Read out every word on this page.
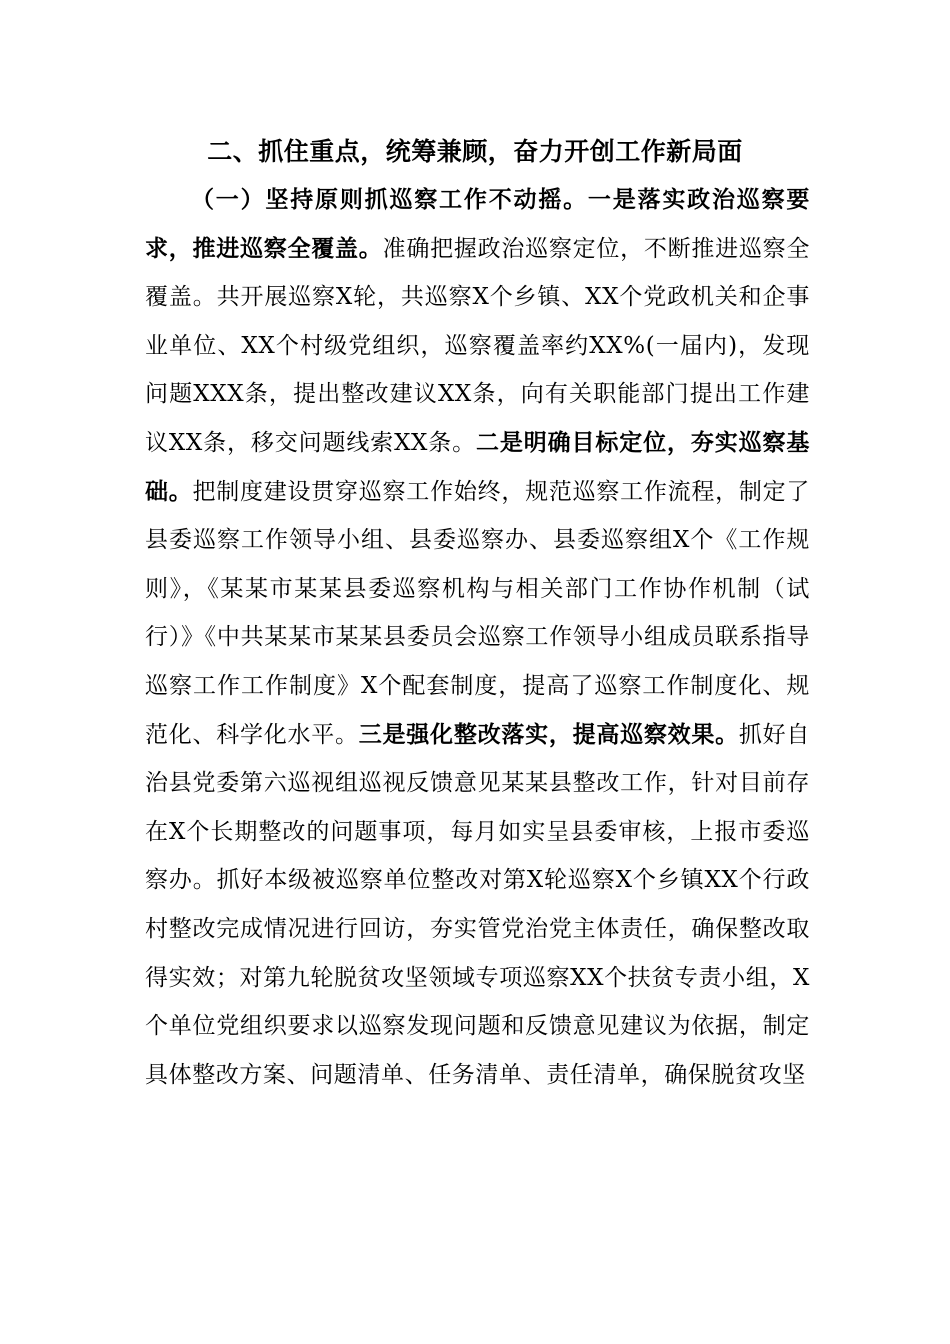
二、抓住重点，统筹兼顾，奋力开创工作新局面

（一）坚持原则抓巡察工作不动摇。一是落实政治巡察要求，推进巡察全覆盖。准确把握政治巡察定位，不断推进巡察全覆盖。共开展巡察X轮，共巡察X个乡镇、XX个党政机关和企事业单位、XX个村级党组织，巡察覆盖率约XX%(一届内)，发现问题XXX条，提出整改建议XX条，向有关职能部门提出工作建议XX条，移交问题线索XX条。二是明确目标定位，夯实巡察基础。把制度建设贯穿巡察工作始终，规范巡察工作流程，制定了县委巡察工作领导小组、县委巡察办、县委巡察组X个《工作规则》，《某某市某某县委巡察机构与相关部门工作协作机制（试行）》《中共某某市某某县委员会巡察工作领导小组成员联系指导巡察工作工作制度》X个配套制度，提高了巡察工作制度化、规范化、科学化水平。三是强化整改落实，提高巡察效果。抓好自治县党委第六巡视组巡视反馈意见某某县整改工作，针对目前存在X个长期整改的问题事项，每月如实呈县委审核，上报市委巡察办。抓好本级被巡察单位整改对第X轮巡察X个乡镇XX个行政村整改完成情况进行回访，夯实管党治党主体责任，确保整改取得实效；对第九轮脱贫攻坚领域专项巡察XX个扶贫专责小组，X个单位党组织要求以巡察发现问题和反馈意见建议为依据，制定具体整改方案、问题清单、任务清单、责任清单，确保脱贫攻坚
